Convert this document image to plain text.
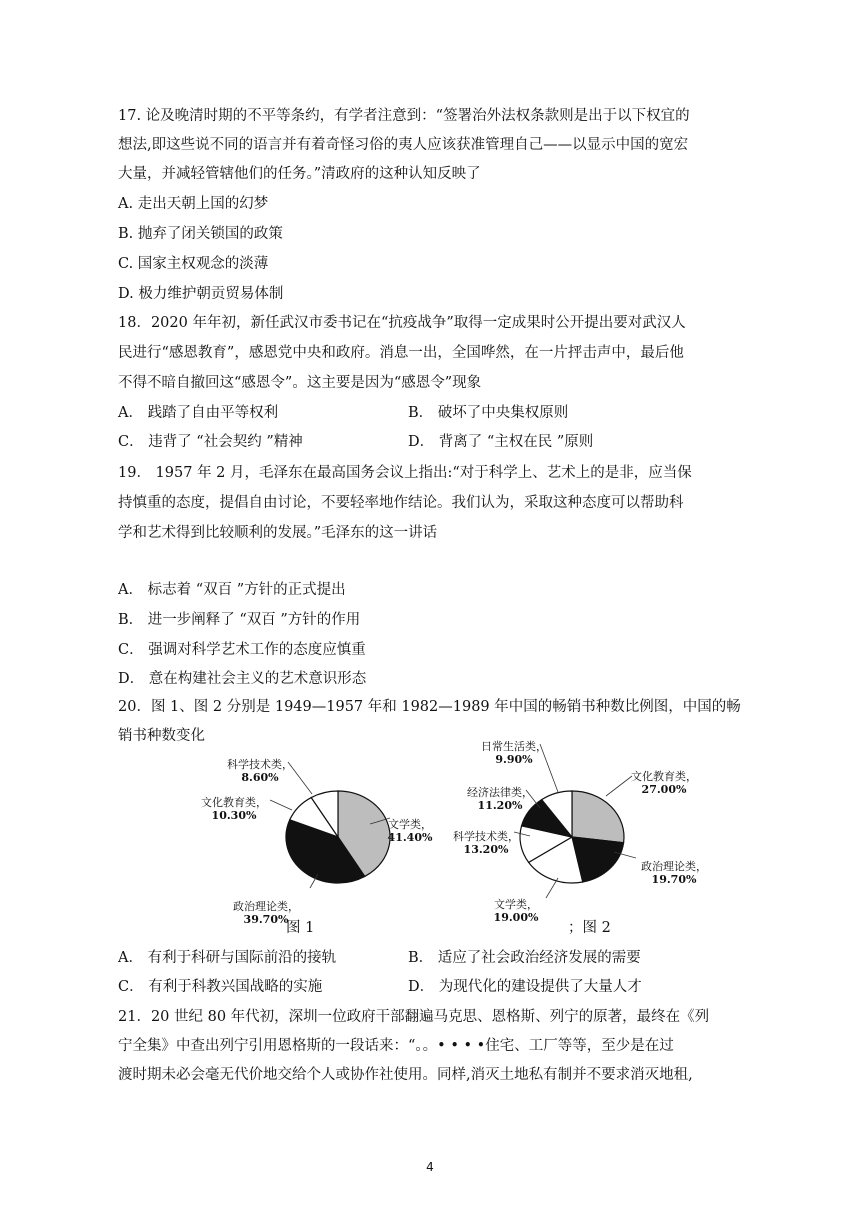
17. 论及晚清时期的不平等条约，有学者注意到：“签署治外法权条款则是出于以下权宜的
想法,即这些说不同的语言并有着奇怪习俗的夷人应该获准管理自己——以显示中国的宽宏
大量，并减轻管辖他们的任务。”清政府的这种认知反映了
A. 走出天朝上国的幻梦
B. 抛弃了闭关锁国的政策
C. 国家主权观念的淡薄
D. 极力维护朝贡贸易体制
18．2020 年年初，新任武汉市委书记在“抗疫战争”取得一定成果时公开提出要对武汉人
民进行“感恩教育”，感恩党中央和政府。消息一出，全国哗然，在一片抨击声中，最后他
不得不暗自撤回这“感恩令”。这主要是因为“感恩令”现象
A． 践踏了自由平等权利	B． 破坏了中央集权原则
C． 违背了 “社会契约 ”精神	D． 背离了 “主权在民 ”原则
19． 1957 年 2 月，毛泽东在最高国务会议上指出:“对于科学上、艺术上的是非，应当保
持慎重的态度，提倡自由讨论，不要轻率地作结论。我们认为，采取这种态度可以帮助科
学和艺术得到比较顺利的发展。”毛泽东的这一讲话
A． 标志着 “双百 ”方针的正式提出
B． 进一步阐释了 “双百 ”方针的作用
C． 强调对科学艺术工作的态度应慎重
D． 意在构建社会主义的艺术意识形态
20．图 1、图 2 分别是 1949—1957 年和 1982—1989 年中国的畅销书种数比例图，中国的畅
销书种数变化
文学类，
41.40%
政治理论类，
39.70%
文化教育类，
10.30%
科学技术类，
8.60%	文化教育类，
27.00%
政治理论类，
19.70%
文学类，
19.00%
科学技术类，
13.20%
经济法律类，
11.20%
日常生活类，
9.90%
图 1	；图 2
A． 有利于科研与国际前沿的接轨	B． 适应了社会政治经济发展的需要
C． 有利于科教兴国战略的实施	D． 为现代化的建设提供了大量人才
21．20 世纪 80 年代初，深圳一位政府干部翻遍马克思、恩格斯、列宁的原著，最终在《列
宁全集》中查出列宁引用恩格斯的一段话来：“。。• • • •住宅、工厂等等，至少是在过
渡时期未必会毫无代价地交给个人或协作社使用。同样,消灭土地私有制并不要求消灭地租,
4
